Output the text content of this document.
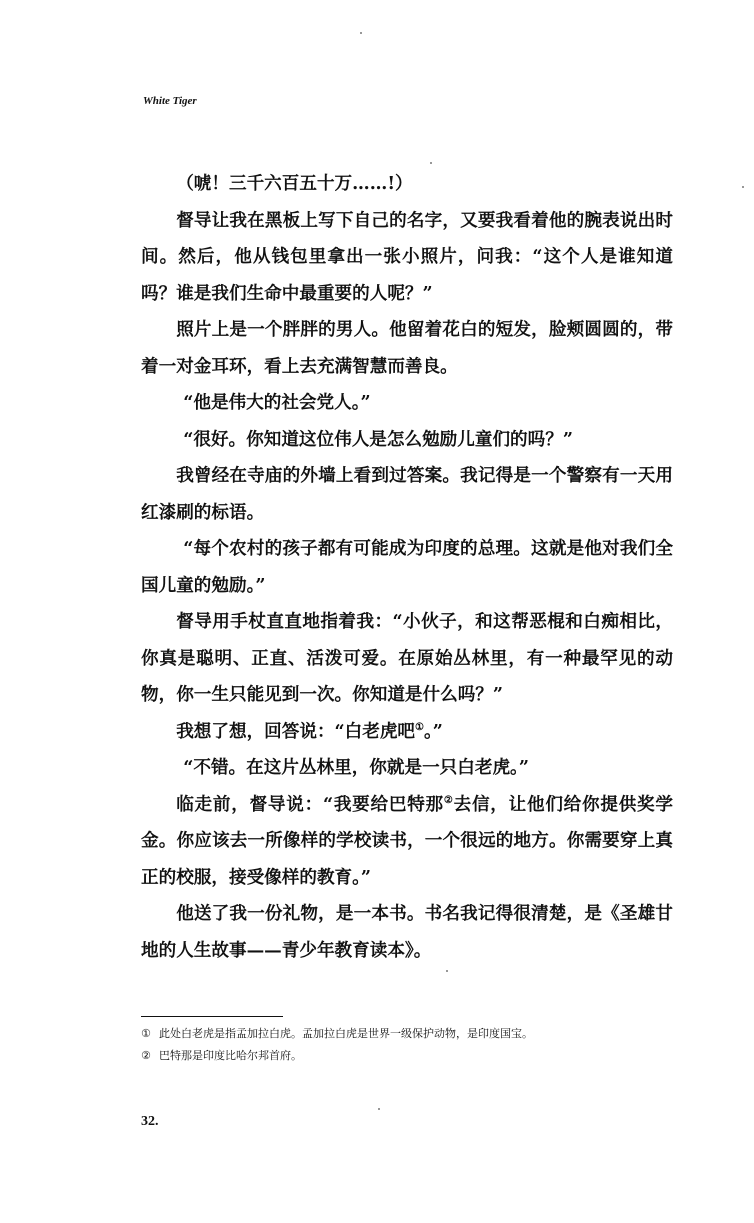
White Tiger

（唬！三千六百五十万……!）

督导让我在黑板上写下自己的名字，又要我看着他的腕表说出时间。然后，他从钱包里拿出一张小照片，问我：“这个人是谁知道吗？谁是我们生命中最重要的人呢？”

照片上是一个胖胖的男人。他留着花白的短发，脸颊圆圆的，带着一对金耳环，看上去充满智慧而善良。

“他是伟大的社会党人。”

“很好。你知道这位伟人是怎么勉励儿童们的吗？”

我曾经在寺庙的外墙上看到过答案。我记得是一个警察有一天用红漆刷的标语。

“每个农村的孩子都有可能成为印度的总理。这就是他对我们全国儿童的勉励。”

督导用手杖直直地指着我：“小伙子，和这帮恶棍和白痴相比，你真是聪明、正直、活泼可爱。在原始丛林里，有一种最罕见的动物，你一生只能见到一次。你知道是什么吗？”

我想了想，回答说：“白老虎吧①。”

“不错。在这片丛林里，你就是一只白老虎。”

临走前，督导说：“我要给巴特那②去信，让他们给你提供奖学金。你应该去一所像样的学校读书，一个很远的地方。你需要穿上真正的校服，接受像样的教育。”

他送了我一份礼物，是一本书。书名我记得很清楚，是《圣雄甘地的人生故事——青少年教育读本》。

① 此处白老虎是指孟加拉白虎。孟加拉白虎是世界一级保护动物，是印度国宝。
② 巴特那是印度比哈尔邦首府。
32.
